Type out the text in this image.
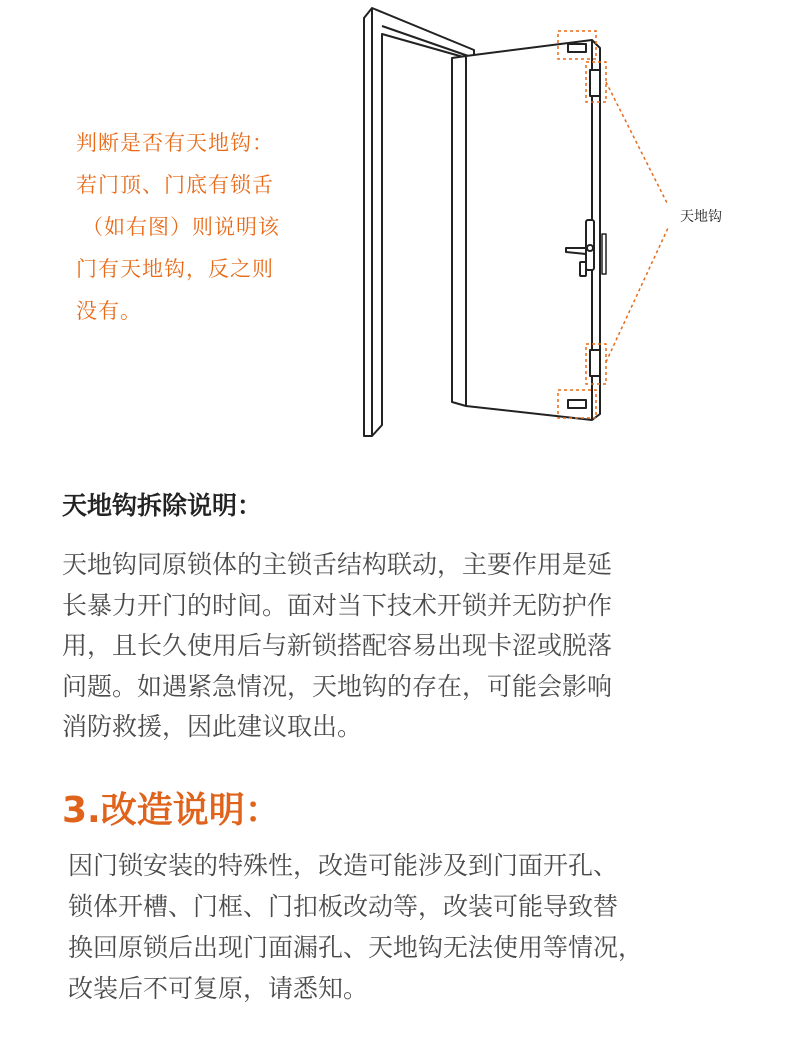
判断是否有天地钩：
若门顶、门底有锁舌
（如右图）则说明该
门有天地钩，反之则
没有。
天地钩
天地钩拆除说明：
天地钩同原锁体的主锁舌结构联动，主要作用是延
长暴力开门的时间。面对当下技术开锁并无防护作
用，且长久使用后与新锁搭配容易出现卡涩或脱落
问题。如遇紧急情况，天地钩的存在，可能会影响
消防救援，因此建议取出。
3.改造说明：
因门锁安装的特殊性，改造可能涉及到门面开孔、
锁体开槽、门框、门扣板改动等，改装可能导致替
换回原锁后出现门面漏孔、天地钩无法使用等情况，
改装后不可复原，请悉知。
